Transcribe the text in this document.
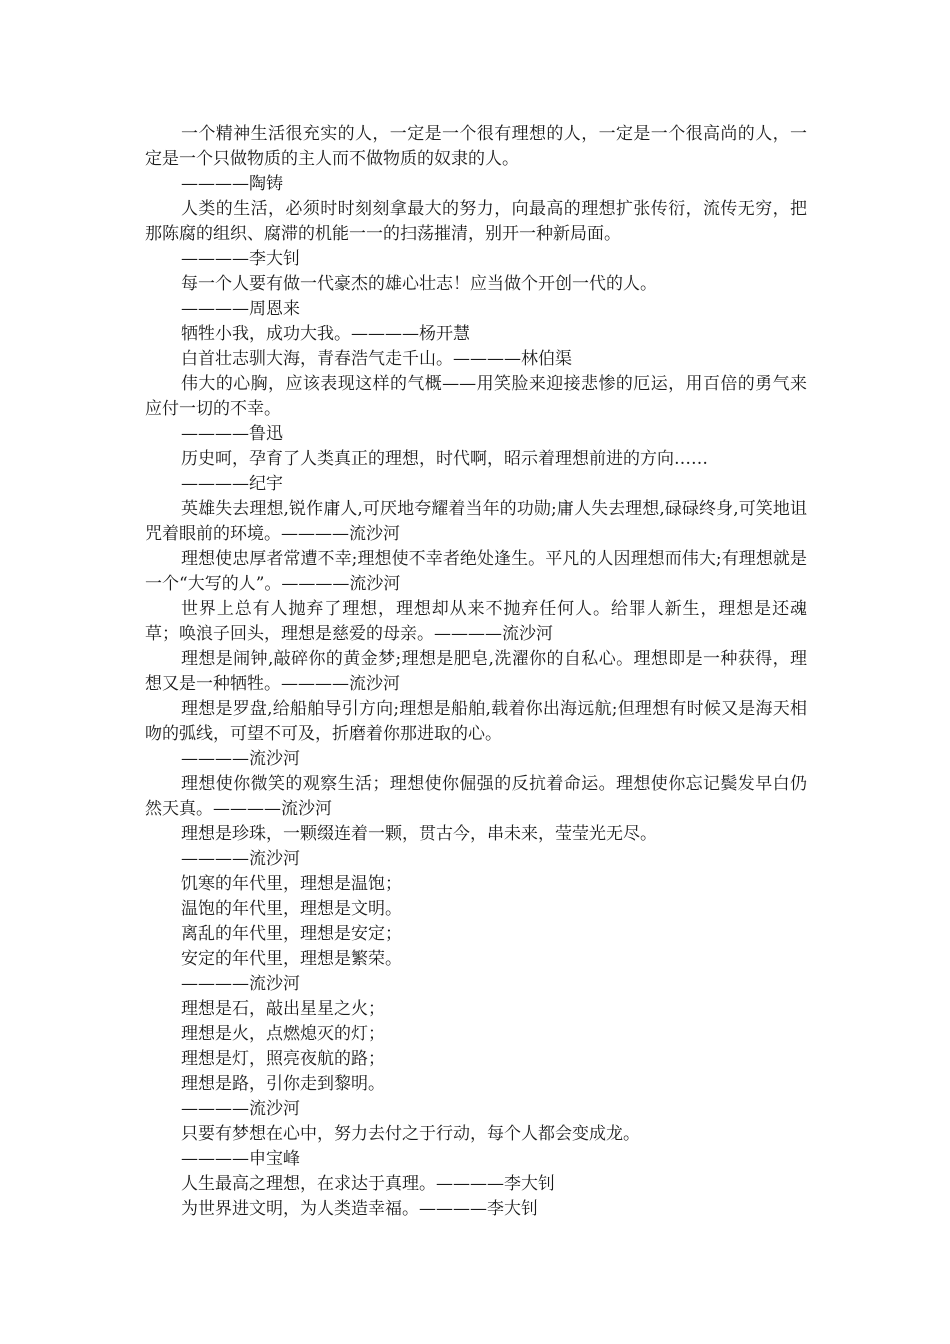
一个精神生活很充实的人，一定是一个很有理想的人，一定是一个很高尚的人，一定是一个只做物质的主人而不做物质的奴隶的人。

————陶铸

人类的生活，必须时时刻刻拿最大的努力，向最高的理想扩张传衍，流传无穷，把那陈腐的组织、腐滞的机能一一的扫荡摧清，别开一种新局面。

————李大钊

每一个人要有做一代豪杰的雄心壮志！应当做个开创一代的人。

————周恩来

牺牲小我，成功大我。————杨开慧

白首壮志驯大海，青春浩气走千山。————林伯渠

伟大的心胸，应该表现这样的气概——用笑脸来迎接悲惨的厄运，用百倍的勇气来应付一切的不幸。

————鲁迅

历史呵，孕育了人类真正的理想，时代啊，昭示着理想前进的方向……

————纪宇

英雄失去理想,锐作庸人,可厌地夸耀着当年的功勋;庸人失去理想,碌碌终身,可笑地诅咒着眼前的环境。————流沙河

理想使忠厚者常遭不幸;理想使不幸者绝处逢生。平凡的人因理想而伟大;有理想就是一个“大写的人”。————流沙河

世界上总有人抛弃了理想，理想却从来不抛弃任何人。给罪人新生，理想是还魂草；唤浪子回头，理想是慈爱的母亲。————流沙河

理想是闹钟,敲碎你的黄金梦;理想是肥皂,洗濯你的自私心。理想即是一种获得，理想又是一种牺牲。————流沙河

理想是罗盘,给船舶导引方向;理想是船舶,载着你出海远航;但理想有时候又是海天相吻的弧线，可望不可及，折磨着你那进取的心。

————流沙河

理想使你微笑的观察生活；理想使你倔强的反抗着命运。理想使你忘记鬓发早白仍然天真。————流沙河

理想是珍珠，一颗缀连着一颗，贯古今，串未来，莹莹光无尽。

————流沙河

饥寒的年代里，理想是温饱；

温饱的年代里，理想是文明。

离乱的年代里，理想是安定；

安定的年代里，理想是繁荣。

————流沙河

理想是石，敲出星星之火；

理想是火，点燃熄灭的灯；

理想是灯，照亮夜航的路；

理想是路，引你走到黎明。

————流沙河

只要有梦想在心中，努力去付之于行动，每个人都会变成龙。

————申宝峰

人生最高之理想，在求达于真理。————李大钊

为世界进文明，为人类造幸福。————李大钊
